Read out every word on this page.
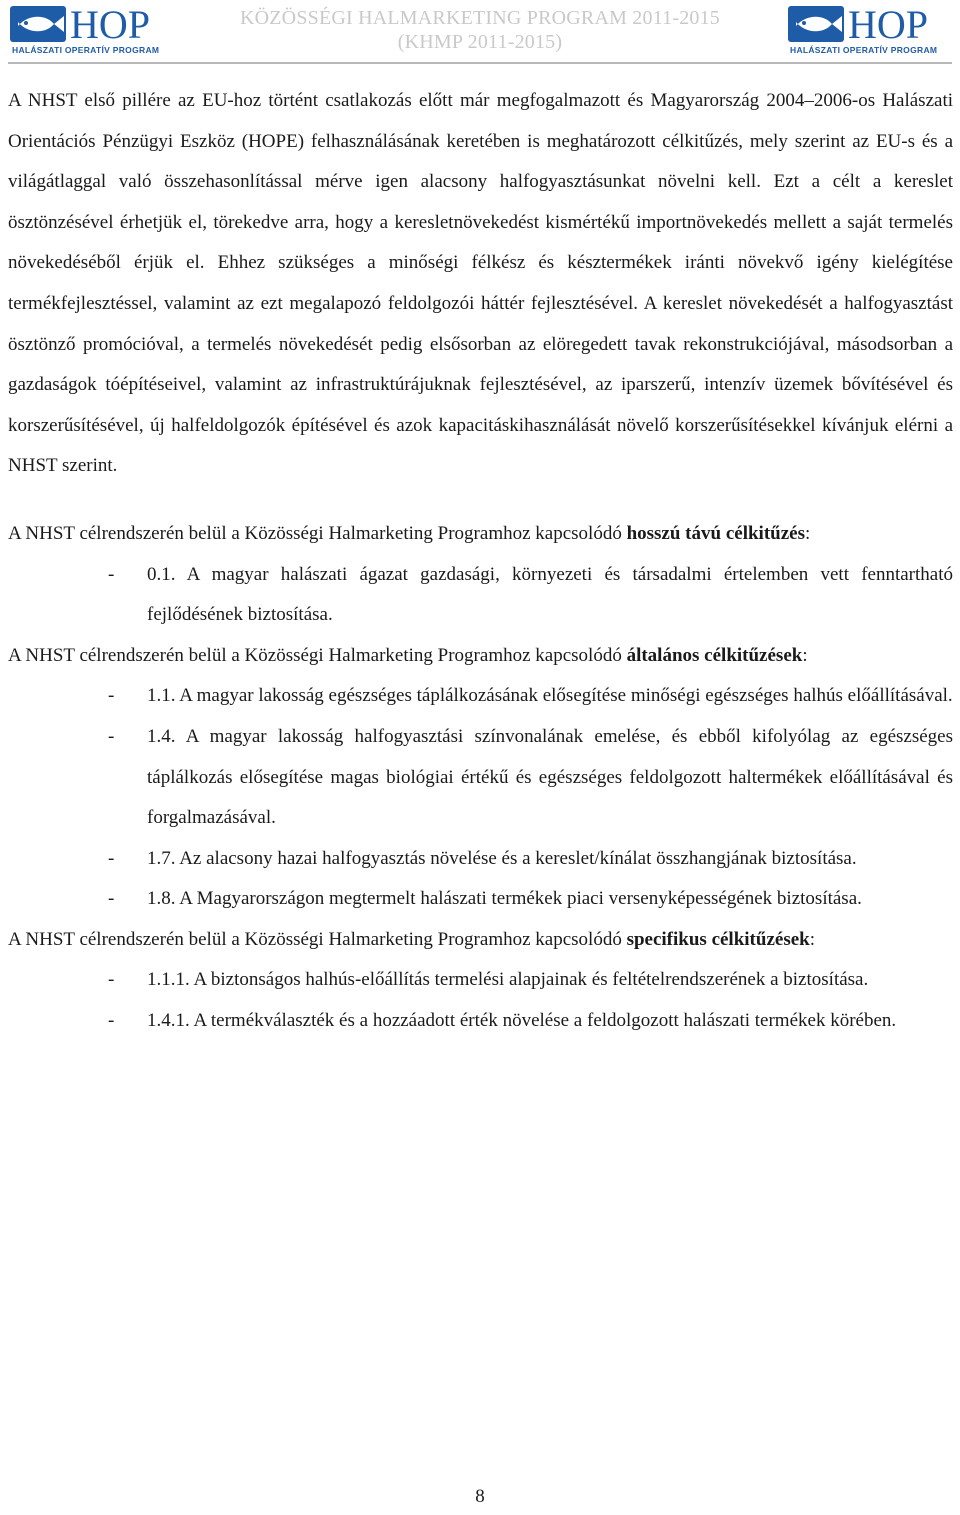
HOP
HALÁSZATI OPERATÍV PROGRAM
KÖZÖSSÉGI HALMARKETING PROGRAM 2011-2015
(KHMP 2011-2015)	HOP
HALÁSZATI OPERATÍV PROGRAM

A NHST első pillére az EU-hoz történt csatlakozás előtt már megfogalmazott és Magyarország 2004–2006-os Halászati Orientációs Pénzügyi Eszköz (HOPE) felhasználásának keretében is meghatározott célkitűzés, mely szerint az EU-s és a világátlaggal való összehasonlítással mérve igen alacsony halfogyasztásunkat növelni kell. Ezt a célt a kereslet ösztönzésével érhetjük el, törekedve arra, hogy a keresletnövekedést kismértékű importnövekedés mellett a saját termelés növekedéséből érjük el. Ehhez szükséges a minőségi félkész és késztermékek iránti növekvő igény kielégítése termékfejlesztéssel, valamint az ezt megalapozó feldolgozói háttér fejlesztésével. A kereslet növekedését a halfogyasztást ösztönző promócióval, a termelés növekedését pedig elsősorban az elöregedett tavak rekonstrukciójával, másodsorban a gazdaságok tóépítéseivel, valamint az infrastruktúrájuknak fejlesztésével, az iparszerű, intenzív üzemek bővítésével és korszerűsítésével, új halfeldolgozók építésével és azok kapacitáskihasználását növelő korszerűsítésekkel kívánjuk elérni a NHST szerint.

A NHST célrendszerén belül a Közösségi Halmarketing Programhoz kapcsolódó hosszú távú célkitűzés:

- 0.1. A magyar halászati ágazat gazdasági, környezeti és társadalmi értelemben vett fenntartható fejlődésének biztosítása.

A NHST célrendszerén belül a Közösségi Halmarketing Programhoz kapcsolódó általános célkitűzések:

- 1.1. A magyar lakosság egészséges táplálkozásának elősegítése minőségi egészséges halhús előállításával.
- 1.4. A magyar lakosság halfogyasztási színvonalának emelése, és ebből kifolyólag az egészséges táplálkozás elősegítése magas biológiai értékű és egészséges feldolgozott haltermékek előállításával és forgalmazásával.
- 1.7. Az alacsony hazai halfogyasztás növelése és a kereslet/kínálat összhangjának biztosítása.
- 1.8. A Magyarországon megtermelt halászati termékek piaci versenyképességének biztosítása.

A NHST célrendszerén belül a Közösségi Halmarketing Programhoz kapcsolódó specifikus célkitűzések:

- 1.1.1. A biztonságos halhús-előállítás termelési alapjainak és feltételrendszerének a biztosítása.
- 1.4.1. A termékválaszték és a hozzáadott érték növelése a feldolgozott halászati termékek körében.
8
